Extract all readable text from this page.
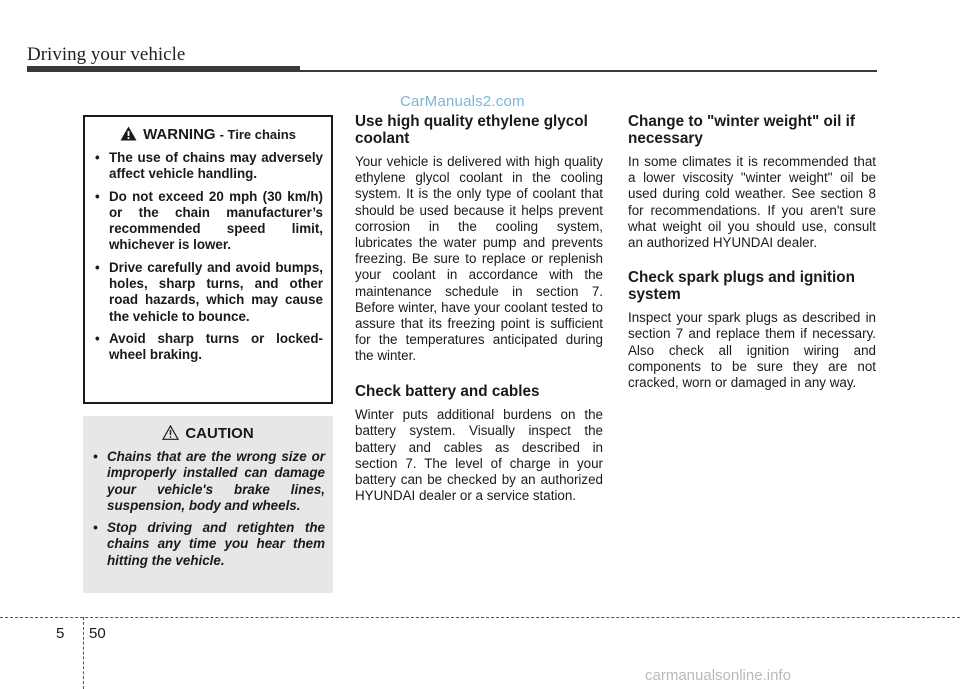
Driving your vehicle
CarManuals2.com
WARNING - Tire chains
• The use of chains may adversely affect vehicle handling.
• Do not exceed 20 mph (30 km/h) or the chain manufacturer’s recommended speed limit, whichever is lower.
• Drive carefully and avoid bumps, holes, sharp turns, and other road hazards, which may cause the vehicle to bounce.
• Avoid sharp turns or locked-wheel braking.
CAUTION
• Chains that are the wrong size or improperly installed can damage your vehicle's brake lines, suspension, body and wheels.
• Stop driving and retighten the chains any time you hear them hitting the vehicle.
Use high quality ethylene glycol coolant

Your vehicle is delivered with high quality ethylene glycol coolant in the cooling system. It is the only type of coolant that should be used because it helps prevent corrosion in the cooling system, lubricates the water pump and prevents freezing. Be sure to replace or replenish your coolant in accordance with the maintenance schedule in section 7. Before winter, have your coolant tested to assure that its freezing point is sufficient for the temperatures anticipated during the winter.

Check battery and cables

Winter puts additional burdens on the battery system. Visually inspect the battery and cables as described in section 7. The level of charge in your battery can be checked by an authorized HYUNDAI dealer or a service station.

Change to "winter weight" oil if necessary

In some climates it is recommended that a lower viscosity "winter weight" oil be used during cold weather. See section 8 for recommendations. If you aren't sure what weight oil you should use, consult an authorized HYUNDAI dealer.

Check spark plugs and ignition system

Inspect your spark plugs as described in section 7 and replace them if necessary. Also check all ignition wiring and components to be sure they are not cracked, worn or damaged in any way.

5 50
carmanualsonline.info
